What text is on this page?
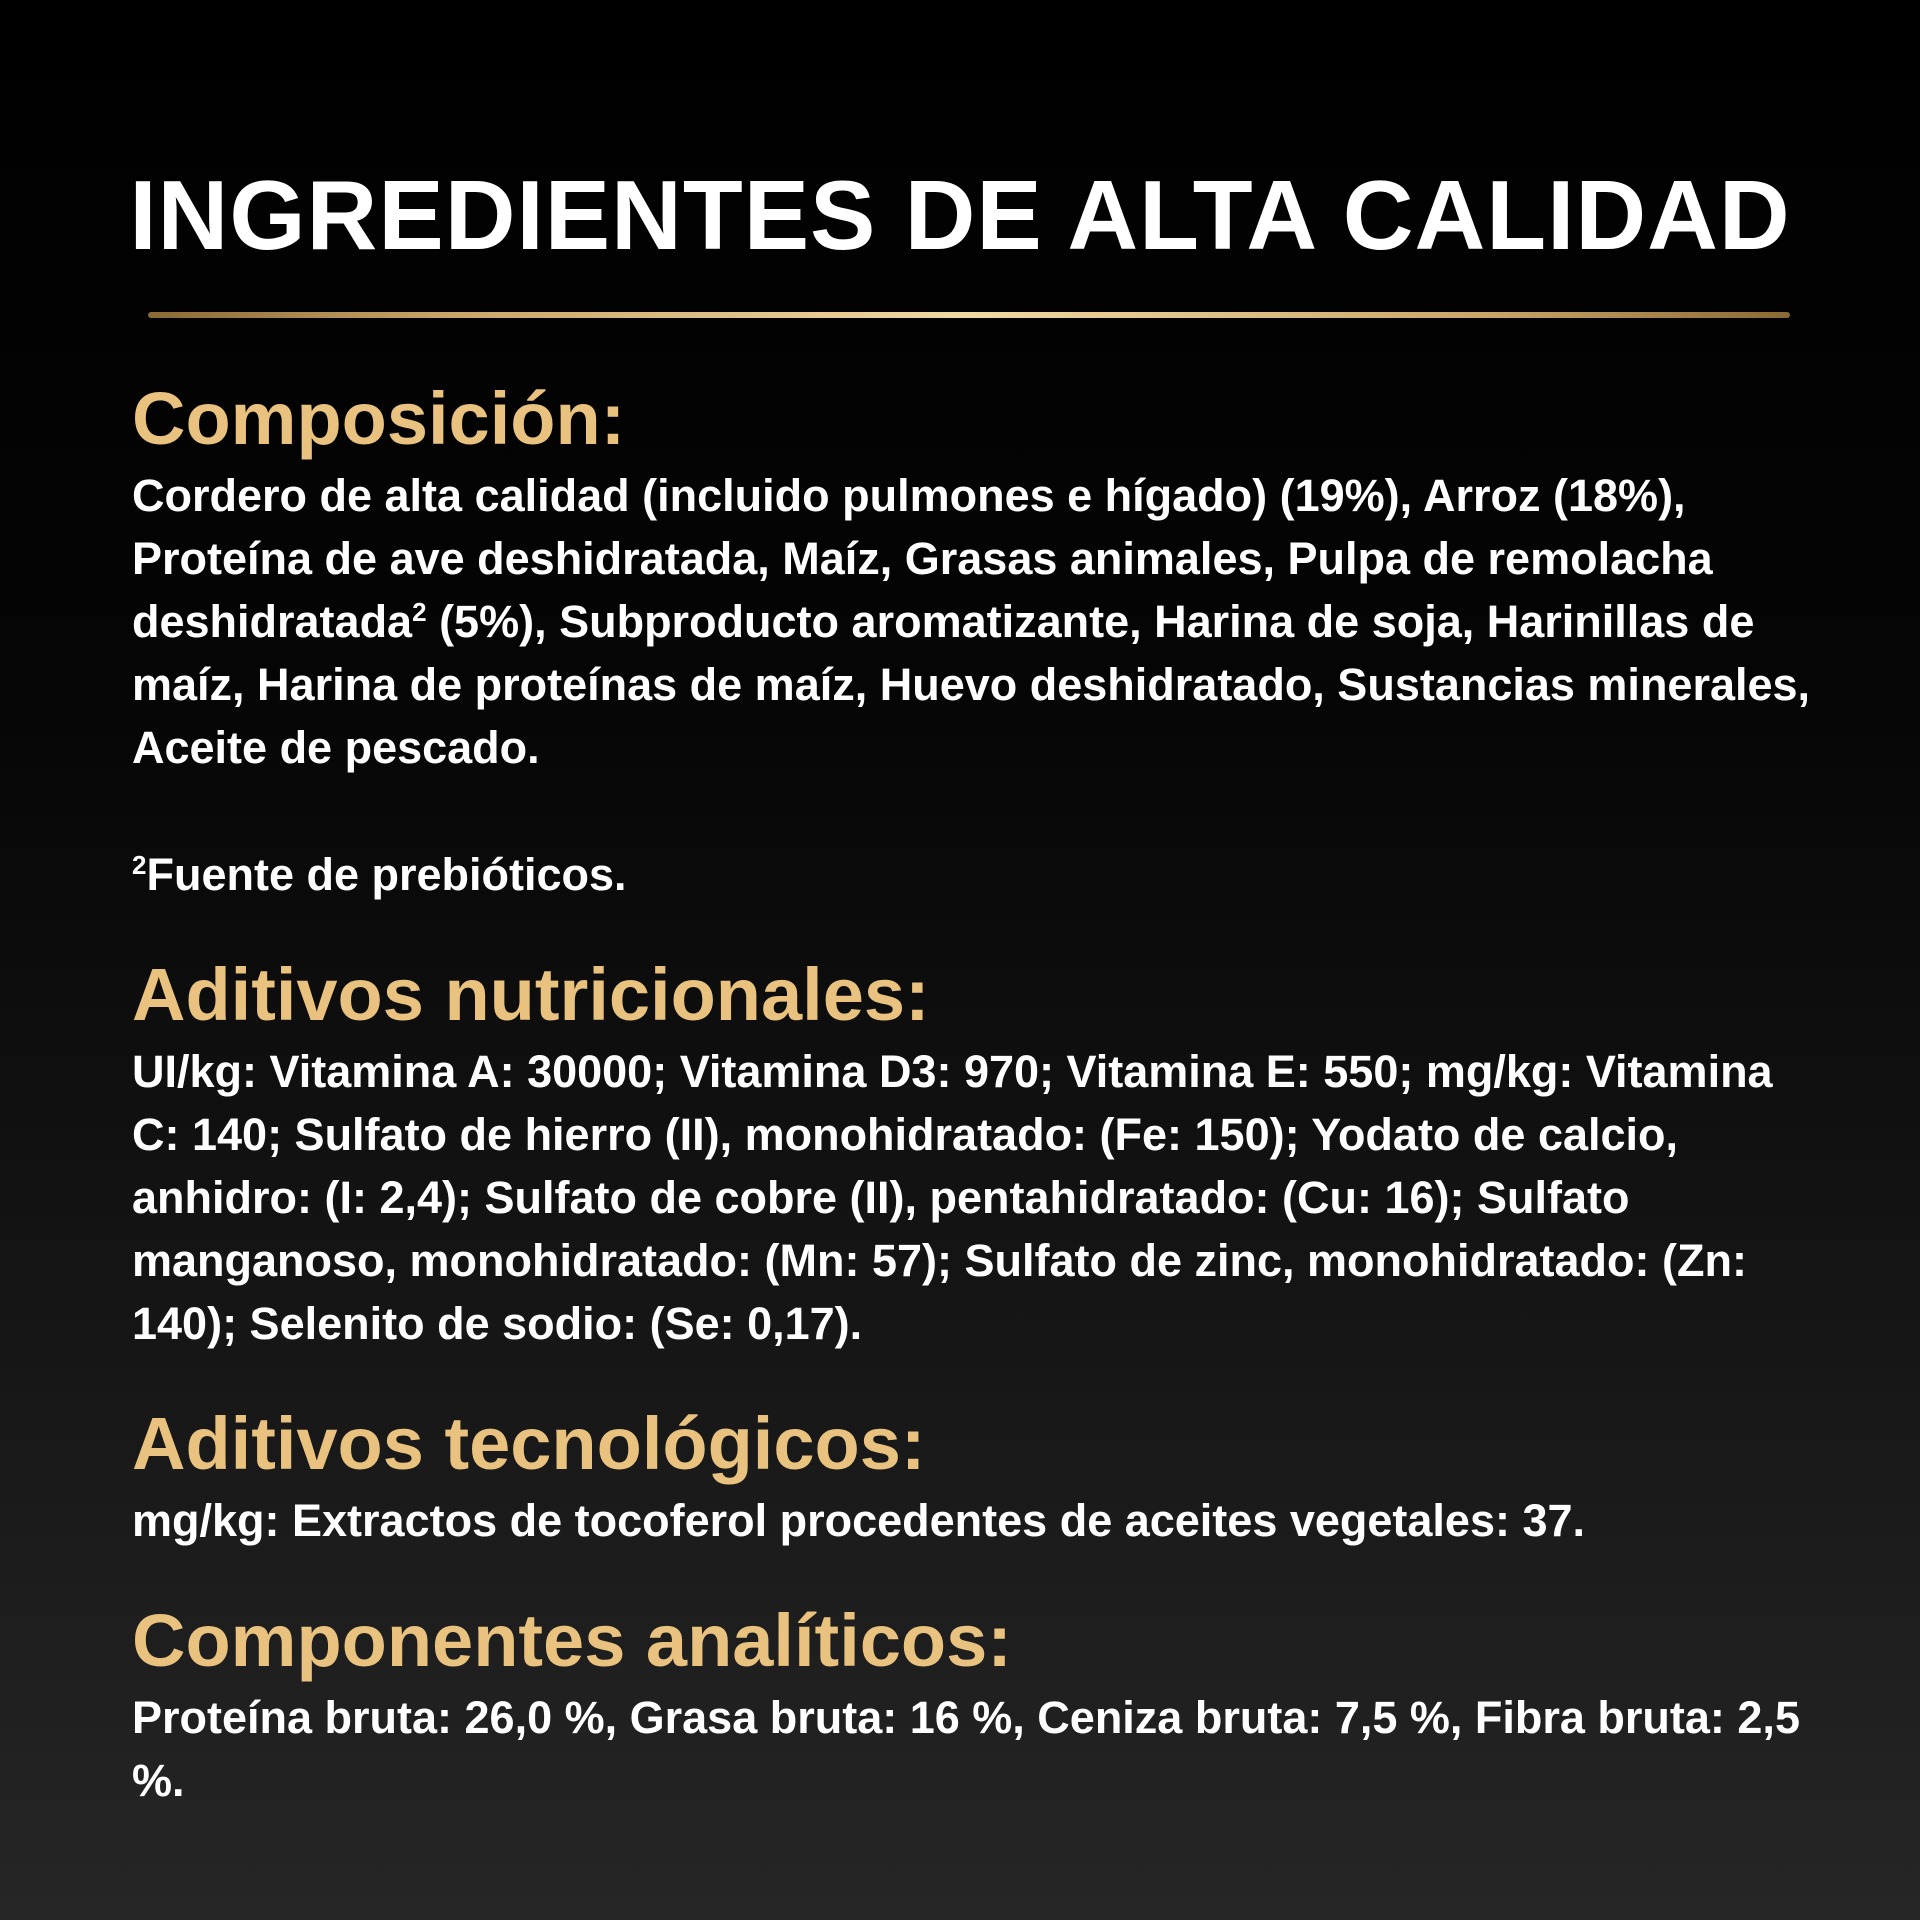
INGREDIENTES DE ALTA CALIDAD
Composición:

Cordero de alta calidad (incluido pulmones e hígado) (19%), Arroz (18%), Proteína de ave deshidratada, Maíz, Grasas animales, Pulpa de remolacha deshidratada$^2$ (5%), Subproducto aromatizante, Harina de soja, Harinillas de maíz, Harina de proteínas de maíz, Huevo deshidratado, Sustancias minerales, Aceite de pescado.

$^2$Fuente de prebióticos.

Aditivos nutricionales:

UI/kg: Vitamina A: 30000; Vitamina D3: 970; Vitamina E: 550; mg/kg: Vitamina C: 140; Sulfato de hierro (II), monohidratado: (Fe: 150); Yodato de calcio, anhidro: (I: 2,4); Sulfato de cobre (II), pentahidratado: (Cu: 16); Sulfato manganoso, monohidratado: (Mn: 57); Sulfato de zinc, monohidratado: (Zn: 140); Selenito de sodio: (Se: 0,17).

Aditivos tecnológicos:

mg/kg: Extractos de tocoferol procedentes de aceites vegetales: 37.

Componentes analíticos:

Proteína bruta: 26,0 %, Grasa bruta: 16 %, Ceniza bruta: 7,5 %, Fibra bruta: 2,5 %.
